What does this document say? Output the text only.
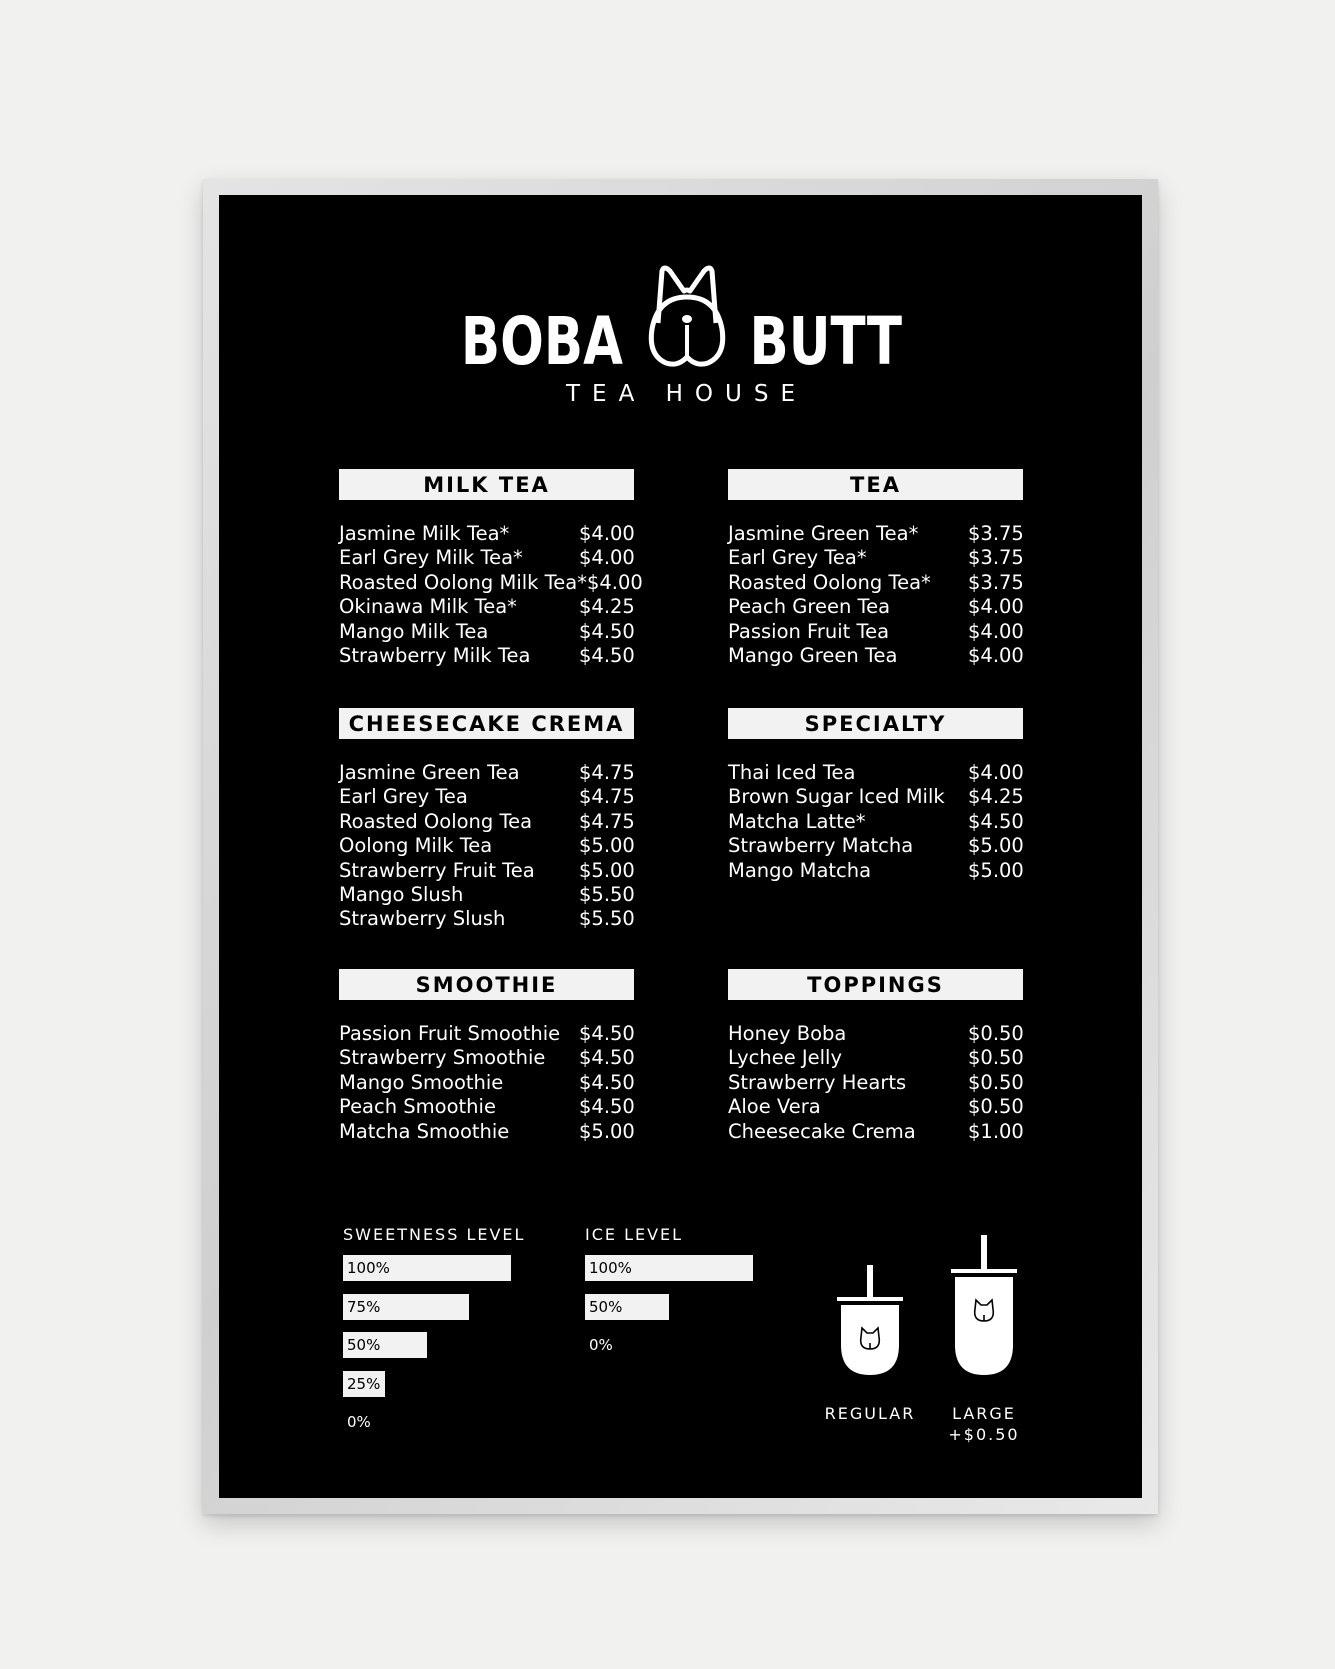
BOBA BUTT
TEA HOUSE
MILK TEA
Jasmine Milk Tea*	$4.00
Earl Grey Milk Tea*	$4.00
Roasted Oolong Milk Tea* $4.00
Okinawa Milk Tea*	$4.25
Mango Milk Tea	$4.50
Strawberry Milk Tea $4.50
TEA
Jasmine Green Tea*	$3.75
Earl Grey Tea*	$3.75
Roasted Oolong Tea* $3.75
Peach Green Tea	$4.00
Passion Fruit Tea	$4.00
Mango Green Tea	$4.00
CHEESECAKE CREMA
Jasmine Green Tea	$4.75
Earl Grey Tea	$4.75
Roasted Oolong Tea $4.75
Oolong Milk Tea	$5.00
Strawberry Fruit Tea $5.00
Mango Slush	$5.50
Strawberry Slush	$5.50
SPECIALTY
Thai Iced Tea	$4.00
Brown Sugar Iced Milk $4.25
Matcha Latte*	$4.50
Strawberry Matcha	$5.00
Mango Matcha	$5.00
SMOOTHIE
Passion Fruit Smoothie $4.50
Strawberry Smoothie $4.50
Mango Smoothie	$4.50
Peach Smoothie	$4.50
Matcha Smoothie	$5.00
TOPPINGS
Honey Boba	$0.50
Lychee Jelly	$0.50
Strawberry Hearts	$0.50
Aloe Vera	$0.50
Cheesecake Crema	$1.00
SWEETNESS LEVEL
100%
75%
50%
25%
0%
ICE LEVEL
100%
50%
0%
REGULAR	LARGE
+$0.50
